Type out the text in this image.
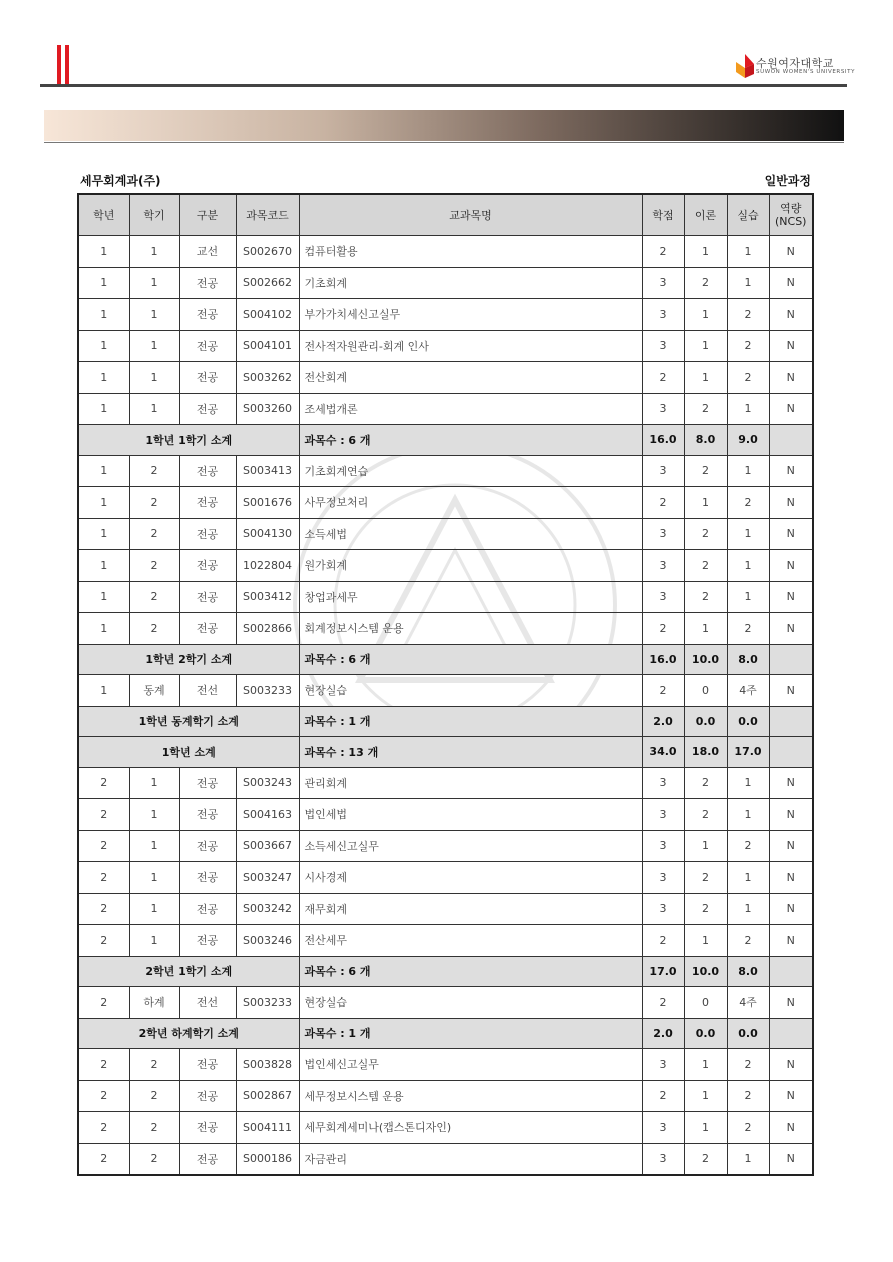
수원여자대학교
SUWON WOMEN'S UNIVERSITY
세무회계과(주)	일반과정
학년	학기	구분	과목코드	교과목명	학점	이론	실습	역량
(NCS)
1	1	교선	S002670	컴퓨터활용	2	1	1	N
1	1	전공	S002662	기초회계	3	2	1	N
1	1	전공	S004102	부가가치세신고실무	3	1	2	N
1	1	전공	S004101	전사적자원관리-회계 인사	3	1	2	N
1	1	전공	S003262	전산회계	2	1	2	N
1	1	전공	S003260	조세법개론	3	2	1	N
1학년 1학기 소계				과목수 : 6 개	16.0	8.0	9.0	
1	2	전공	S003413	기초회계연습	3	2	1	N
1	2	전공	S001676	사무정보처리	2	1	2	N
1	2	전공	S004130	소득세법	3	2	1	N
1	2	전공	1022804	원가회계	3	2	1	N
1	2	전공	S003412	창업과세무	3	2	1	N
1	2	전공	S002866	회계정보시스템 운용	2	1	2	N
1학년 2학기 소계				과목수 : 6 개	16.0	10.0	8.0	
1	동계	전선	S003233	현장실습	2	0	4주	N
1학년 동계학기 소계				과목수 : 1 개	2.0	0.0	0.0	
1학년 소계				과목수 : 13 개	34.0	18.0	17.0	
2	1	전공	S003243	관리회계	3	2	1	N
2	1	전공	S004163	법인세법	3	2	1	N
2	1	전공	S003667	소득세신고실무	3	1	2	N
2	1	전공	S003247	시사경제	3	2	1	N
2	1	전공	S003242	재무회계	3	2	1	N
2	1	전공	S003246	전산세무	2	1	2	N
2학년 1학기 소계				과목수 : 6 개	17.0	10.0	8.0	
2	하계	전선	S003233	현장실습	2	0	4주	N
2학년 하계학기 소계				과목수 : 1 개	2.0	0.0	0.0	
2	2	전공	S003828	법인세신고실무	3	1	2	N
2	2	전공	S002867	세무정보시스템 운용	2	1	2	N
2	2	전공	S004111	세무회계세미나(캡스톤디자인)	3	1	2	N
2	2	전공	S000186	자금관리	3	2	1	N
